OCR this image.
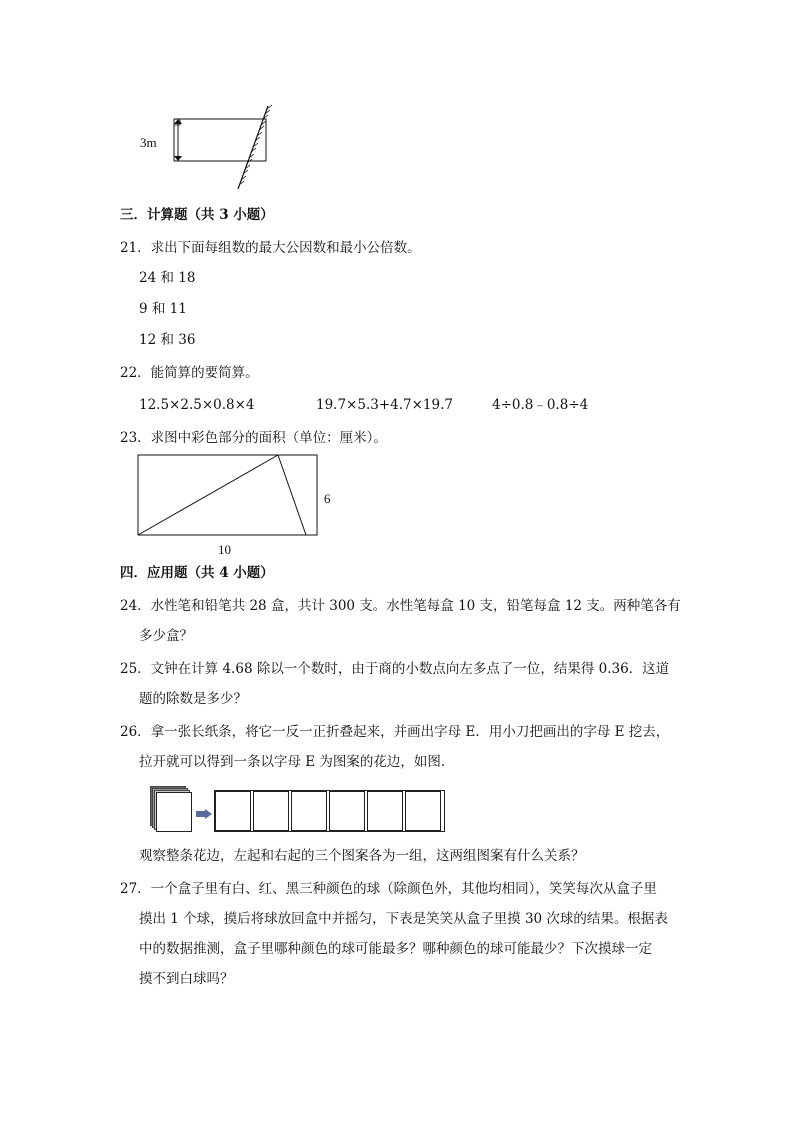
3m
三．计算题（共 3 小题）
21．求出下面每组数的最大公因数和最小公倍数。
24 和 18
9 和 11
12 和 36
22．能简算的要简算。
12.5×2.5×0.8×4	19.7×5.3+4.7×19.7	4÷0.8﹣0.8÷4
23．求图中彩色部分的面积（单位：厘米）。
10
6
四．应用题（共 4 小题）
24．水性笔和铅笔共 28 盒，共计 300 支。水性笔每盒 10 支，铅笔每盒 12 支。两种笔各有
多少盒？
25．文钟在计算 4.68 除以一个数时，由于商的小数点向左多点了一位，结果得 0.36．这道
题的除数是多少？
26．拿一张长纸条，将它一反一正折叠起来，并画出字母 E．用小刀把画出的字母 E 挖去，
拉开就可以得到一条以字母 E 为图案的花边，如图．
观察整条花边，左起和右起的三个图案各为一组，这两组图案有什么关系？
27．一个盒子里有白、红、黑三种颜色的球（除颜色外，其他均相同），笑笑每次从盒子里
摸出 1 个球，摸后将球放回盒中并摇匀，下表是笑笑从盒子里摸 30 次球的结果。根据表
中的数据推测，盒子里哪种颜色的球可能最多？哪种颜色的球可能最少？下次摸球一定
摸不到白球吗？
